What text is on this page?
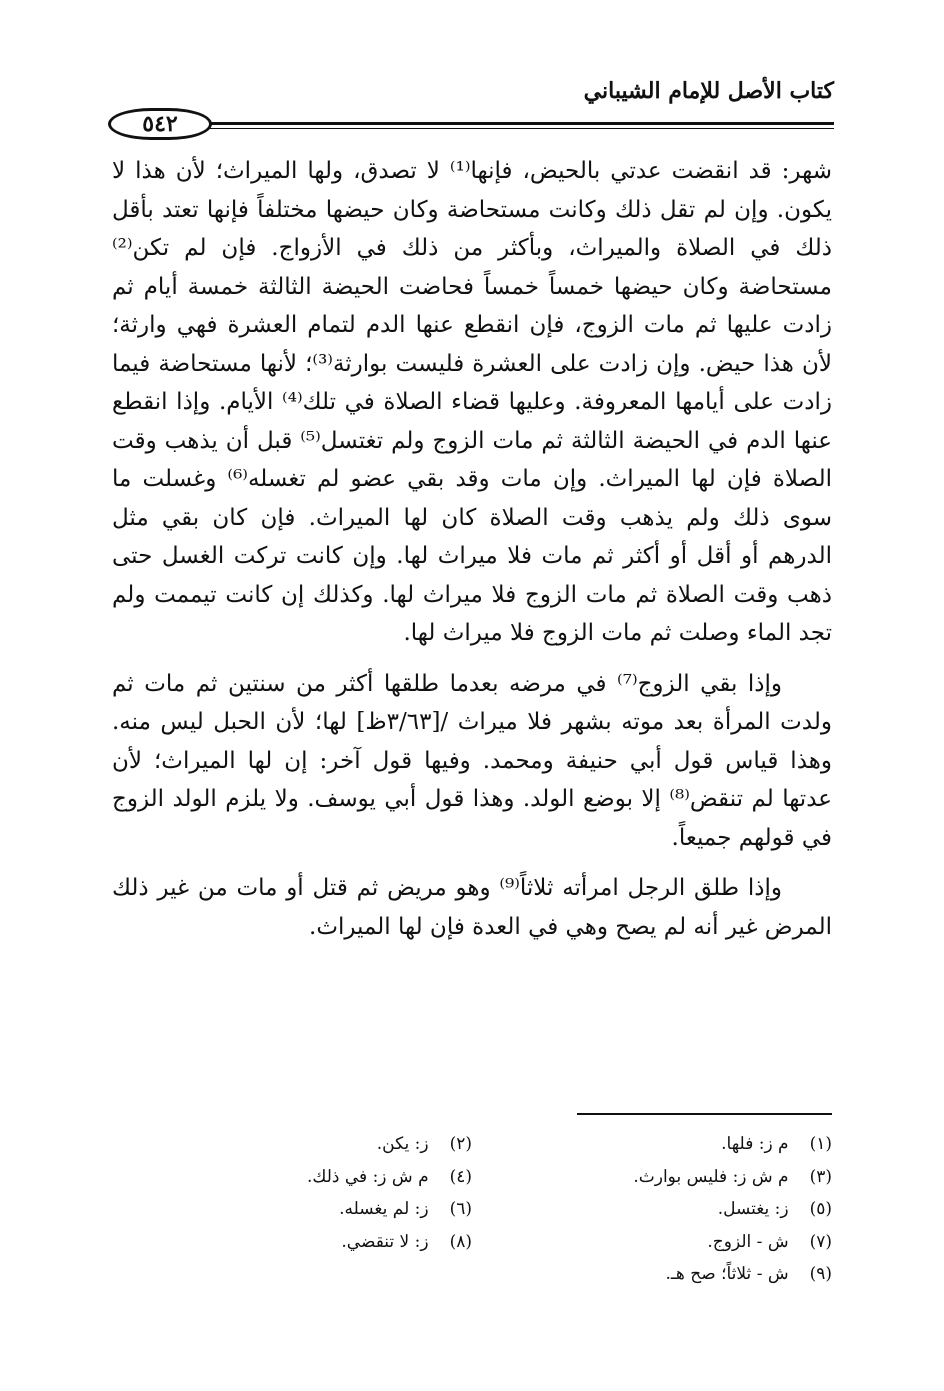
كتاب الأصل للإمام الشيباني
٥٤٢

شهر: قد انقضت عدتي بالحيض، فإنها⁽¹⁾ لا تصدق، ولها الميراث؛ لأن هذا لا يكون. وإن لم تقل ذلك وكانت مستحاضة وكان حيضها مختلفاً فإنها تعتد بأقل ذلك في الصلاة والميراث، وبأكثر من ذلك في الأزواج. فإن لم تكن⁽²⁾ مستحاضة وكان حيضها خمساً خمساً فحاضت الحيضة الثالثة خمسة أيام ثم زادت عليها ثم مات الزوج، فإن انقطع عنها الدم لتمام العشرة فهي وارثة؛ لأن هذا حيض. وإن زادت على العشرة فليست بوارثة⁽³⁾؛ لأنها مستحاضة فيما زادت على أيامها المعروفة. وعليها قضاء الصلاة في تلك⁽⁴⁾ الأيام. وإذا انقطع عنها الدم في الحيضة الثالثة ثم مات الزوج ولم تغتسل⁽⁵⁾ قبل أن يذهب وقت الصلاة فإن لها الميراث. وإن مات وقد بقي عضو لم تغسله⁽⁶⁾ وغسلت ما سوى ذلك ولم يذهب وقت الصلاة كان لها الميراث. فإن كان بقي مثل الدرهم أو أقل أو أكثر ثم مات فلا ميراث لها. وإن كانت تركت الغسل حتى ذهب وقت الصلاة ثم مات الزوج فلا ميراث لها. وكذلك إن كانت تيممت ولم تجد الماء وصلت ثم مات الزوج فلا ميراث لها.

وإذا بقي الزوج⁽⁷⁾ في مرضه بعدما طلقها أكثر من سنتين ثم مات ثم ولدت المرأة بعد موته بشهر فلا ميراث /[٣/٦٣ظ] لها؛ لأن الحبل ليس منه. وهذا قياس قول أبي حنيفة ومحمد. وفيها قول آخر: إن لها الميراث؛ لأن عدتها لم تنقض⁽⁸⁾ إلا بوضع الولد. وهذا قول أبي يوسف. ولا يلزم الولد الزوج في قولهم جميعاً.

وإذا طلق الرجل امرأته ثلاثاً⁽⁹⁾ وهو مريض ثم قتل أو مات من غير ذلك المرض غير أنه لم يصح وهي في العدة فإن لها الميراث.

(١) م ز: فلها.
(٢) ز: يكن.
(٣) م ش ز: فليس بوارث.
(٤) م ش ز: في ذلك.
(٥) ز: يغتسل.
(٦) ز: لم يغسله.
(٧) ش - الزوج.
(٨) ز: لا تنقضي.
(٩) ش - ثلاثاً؛ صح هـ.
